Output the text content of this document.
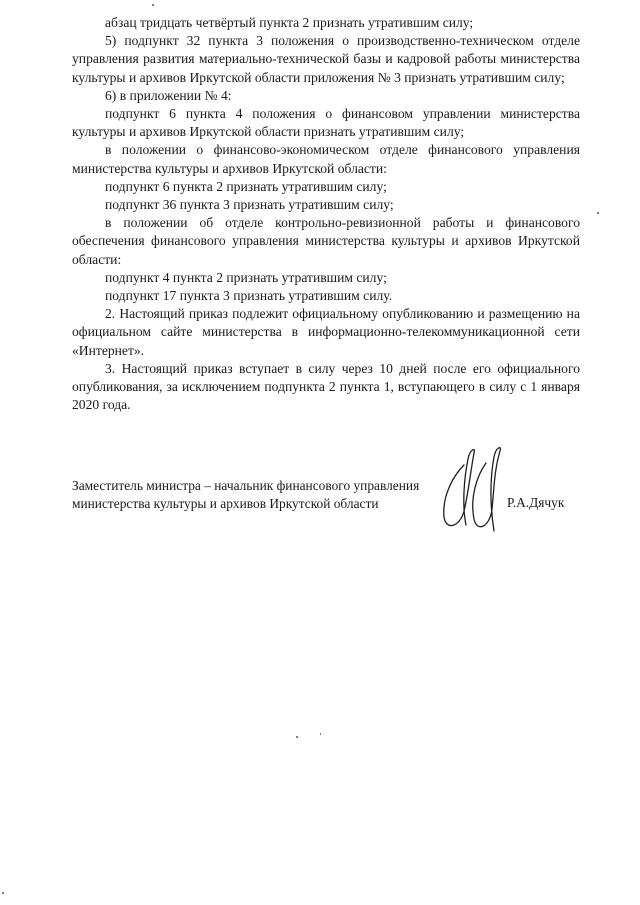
абзац тридцать четвёртый пункта 2 признать утратившим силу;

5) подпункт 32 пункта 3 положения о производственно-техническом отделе управления развития материально-технической базы и кадровой работы министерства культуры и архивов Иркутской области приложения № 3 признать утратившим силу;

6) в приложении № 4:

подпункт 6 пункта 4 положения о финансовом управлении министерства культуры и архивов Иркутской области признать утратившим силу;

в положении о финансово-экономическом отделе финансового управления министерства культуры и архивов Иркутской области:

подпункт 6 пункта 2 признать утратившим силу;

подпункт 36 пункта 3 признать утратившим силу;

в положении об отделе контрольно-ревизионной работы и финансового обеспечения финансового управления министерства культуры и архивов Иркутской области:

подпункт 4 пункта 2 признать утратившим силу;

подпункт 17 пункта 3 признать утратившим силу.

2. Настоящий приказ подлежит официальному опубликованию и размещению на официальном сайте министерства в информационно-телекоммуникационной сети «Интернет».

3. Настоящий приказ вступает в силу через 10 дней после его официального опубликования, за исключением подпункта 2 пункта 1, вступающего в силу с 1 января 2020 года.

Заместитель министра – начальник финансового управления
министерства культуры и архивов Иркутской области	Р.А.Дячук
